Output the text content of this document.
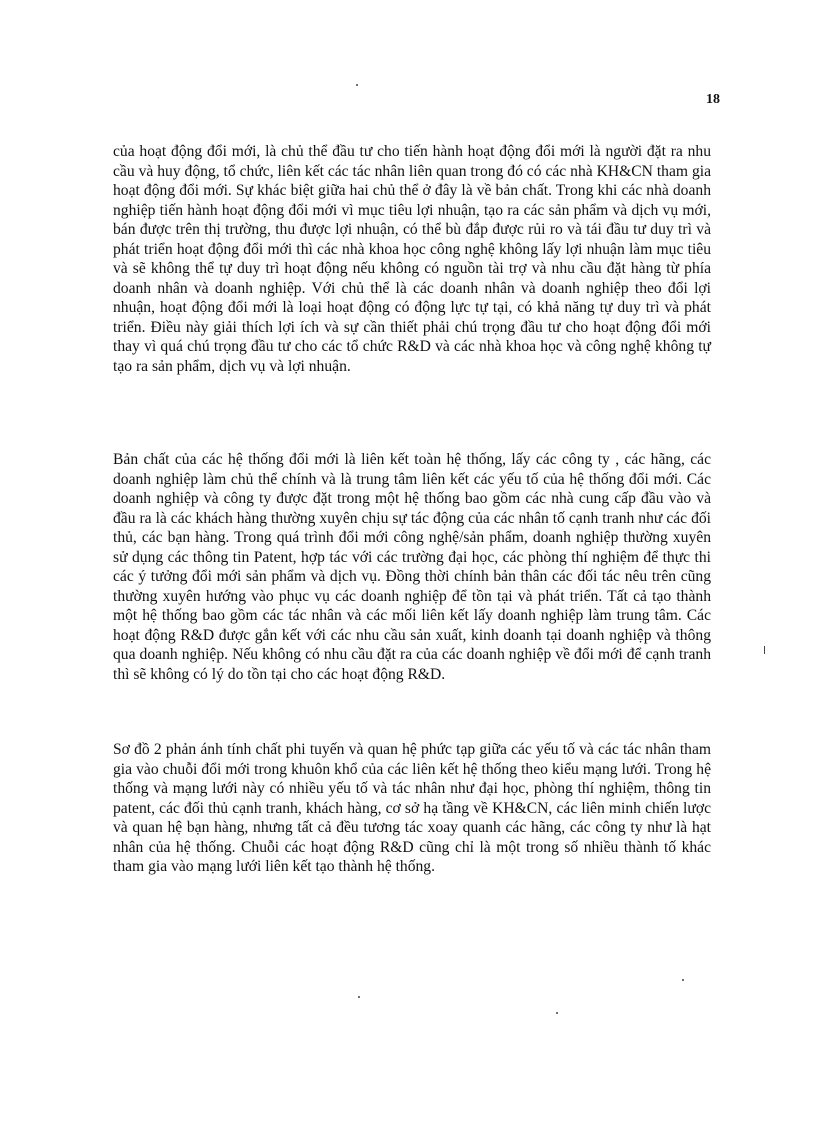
18

của hoạt động đổi mới, là chủ thể đầu tư cho tiến hành hoạt động đổi mới là người đặt ra nhu cầu và huy động, tổ chức, liên kết các tác nhân liên quan trong đó có các nhà KH&CN tham gia hoạt động đổi mới. Sự khác biệt giữa hai chủ thể ở đây là về bản chất. Trong khi các nhà doanh nghiệp tiến hành hoạt động đổi mới vì mục tiêu lợi nhuận, tạo ra các sản phẩm và dịch vụ mới, bán được trên thị trường, thu được lợi nhuận, có thể bù đắp được rủi ro và tái đầu tư duy trì và phát triển hoạt động đổi mới thì các nhà khoa học công nghệ không lấy lợi nhuận làm mục tiêu và sẽ không thể tự duy trì hoạt động nếu không có nguồn tài trợ và nhu cầu đặt hàng từ phía doanh nhân và doanh nghiệp. Với chủ thể là các doanh nhân và doanh nghiệp theo đổi lợi nhuận, hoạt động đổi mới là loại hoạt động có động lực tự tại, có khả năng tự duy trì và phát triển. Điều này giải thích lợi ích và sự cần thiết phải chú trọng đầu tư cho hoạt động đổi mới thay vì quá chú trọng đầu tư cho các tổ chức R&D và các nhà khoa học và công nghệ không tự tạo ra sản phẩm, dịch vụ và lợi nhuận.

Bản chất của các hệ thống đổi mới là liên kết toàn hệ thống, lấy các công ty , các hãng, các doanh nghiệp làm chủ thể chính và là trung tâm liên kết các yếu tố của hệ thống đổi mới. Các doanh nghiệp và công ty được đặt trong một hệ thống bao gồm các nhà cung cấp đầu vào và đầu ra là các khách hàng thường xuyên chịu sự tác động của các nhân tố cạnh tranh như các đối thủ, các bạn hàng. Trong quá trình đổi mới công nghệ/sản phẩm, doanh nghiệp thường xuyên sử dụng các thông tin Patent, hợp tác với các trường đại học, các phòng thí nghiệm để thực thi các ý tưởng đổi mới sản phẩm và dịch vụ. Đồng thời chính bản thân các đối tác nêu trên cũng thường xuyên hướng vào phục vụ các doanh nghiệp để tồn tại và phát triển. Tất cả tạo thành một hệ thống bao gồm các tác nhân và các mối liên kết lấy doanh nghiệp làm trung tâm. Các hoạt động R&D được gắn kết với các nhu cầu sản xuất, kinh doanh tại doanh nghiệp và thông qua doanh nghiệp. Nếu không có nhu cầu đặt ra của các doanh nghiệp về đổi mới để cạnh tranh thì sẽ không có lý do tồn tại cho các hoạt động R&D.

Sơ đồ 2 phản ánh tính chất phi tuyến và quan hệ phức tạp giữa các yếu tố và các tác nhân tham gia vào chuỗi đổi mới trong khuôn khổ của các liên kết hệ thống theo kiểu mạng lưới. Trong hệ thống và mạng lưới này có nhiều yếu tố và tác nhân như đại học, phòng thí nghiệm, thông tin patent, các đối thủ cạnh tranh, khách hàng, cơ sở hạ tầng về KH&CN, các liên minh chiến lược và quan hệ bạn hàng, nhưng tất cả đều tương tác xoay quanh các hãng, các công ty như là hạt nhân của hệ thống. Chuỗi các hoạt động R&D cũng chỉ là một trong số nhiều thành tố khác tham gia vào mạng lưới liên kết tạo thành hệ thống.
